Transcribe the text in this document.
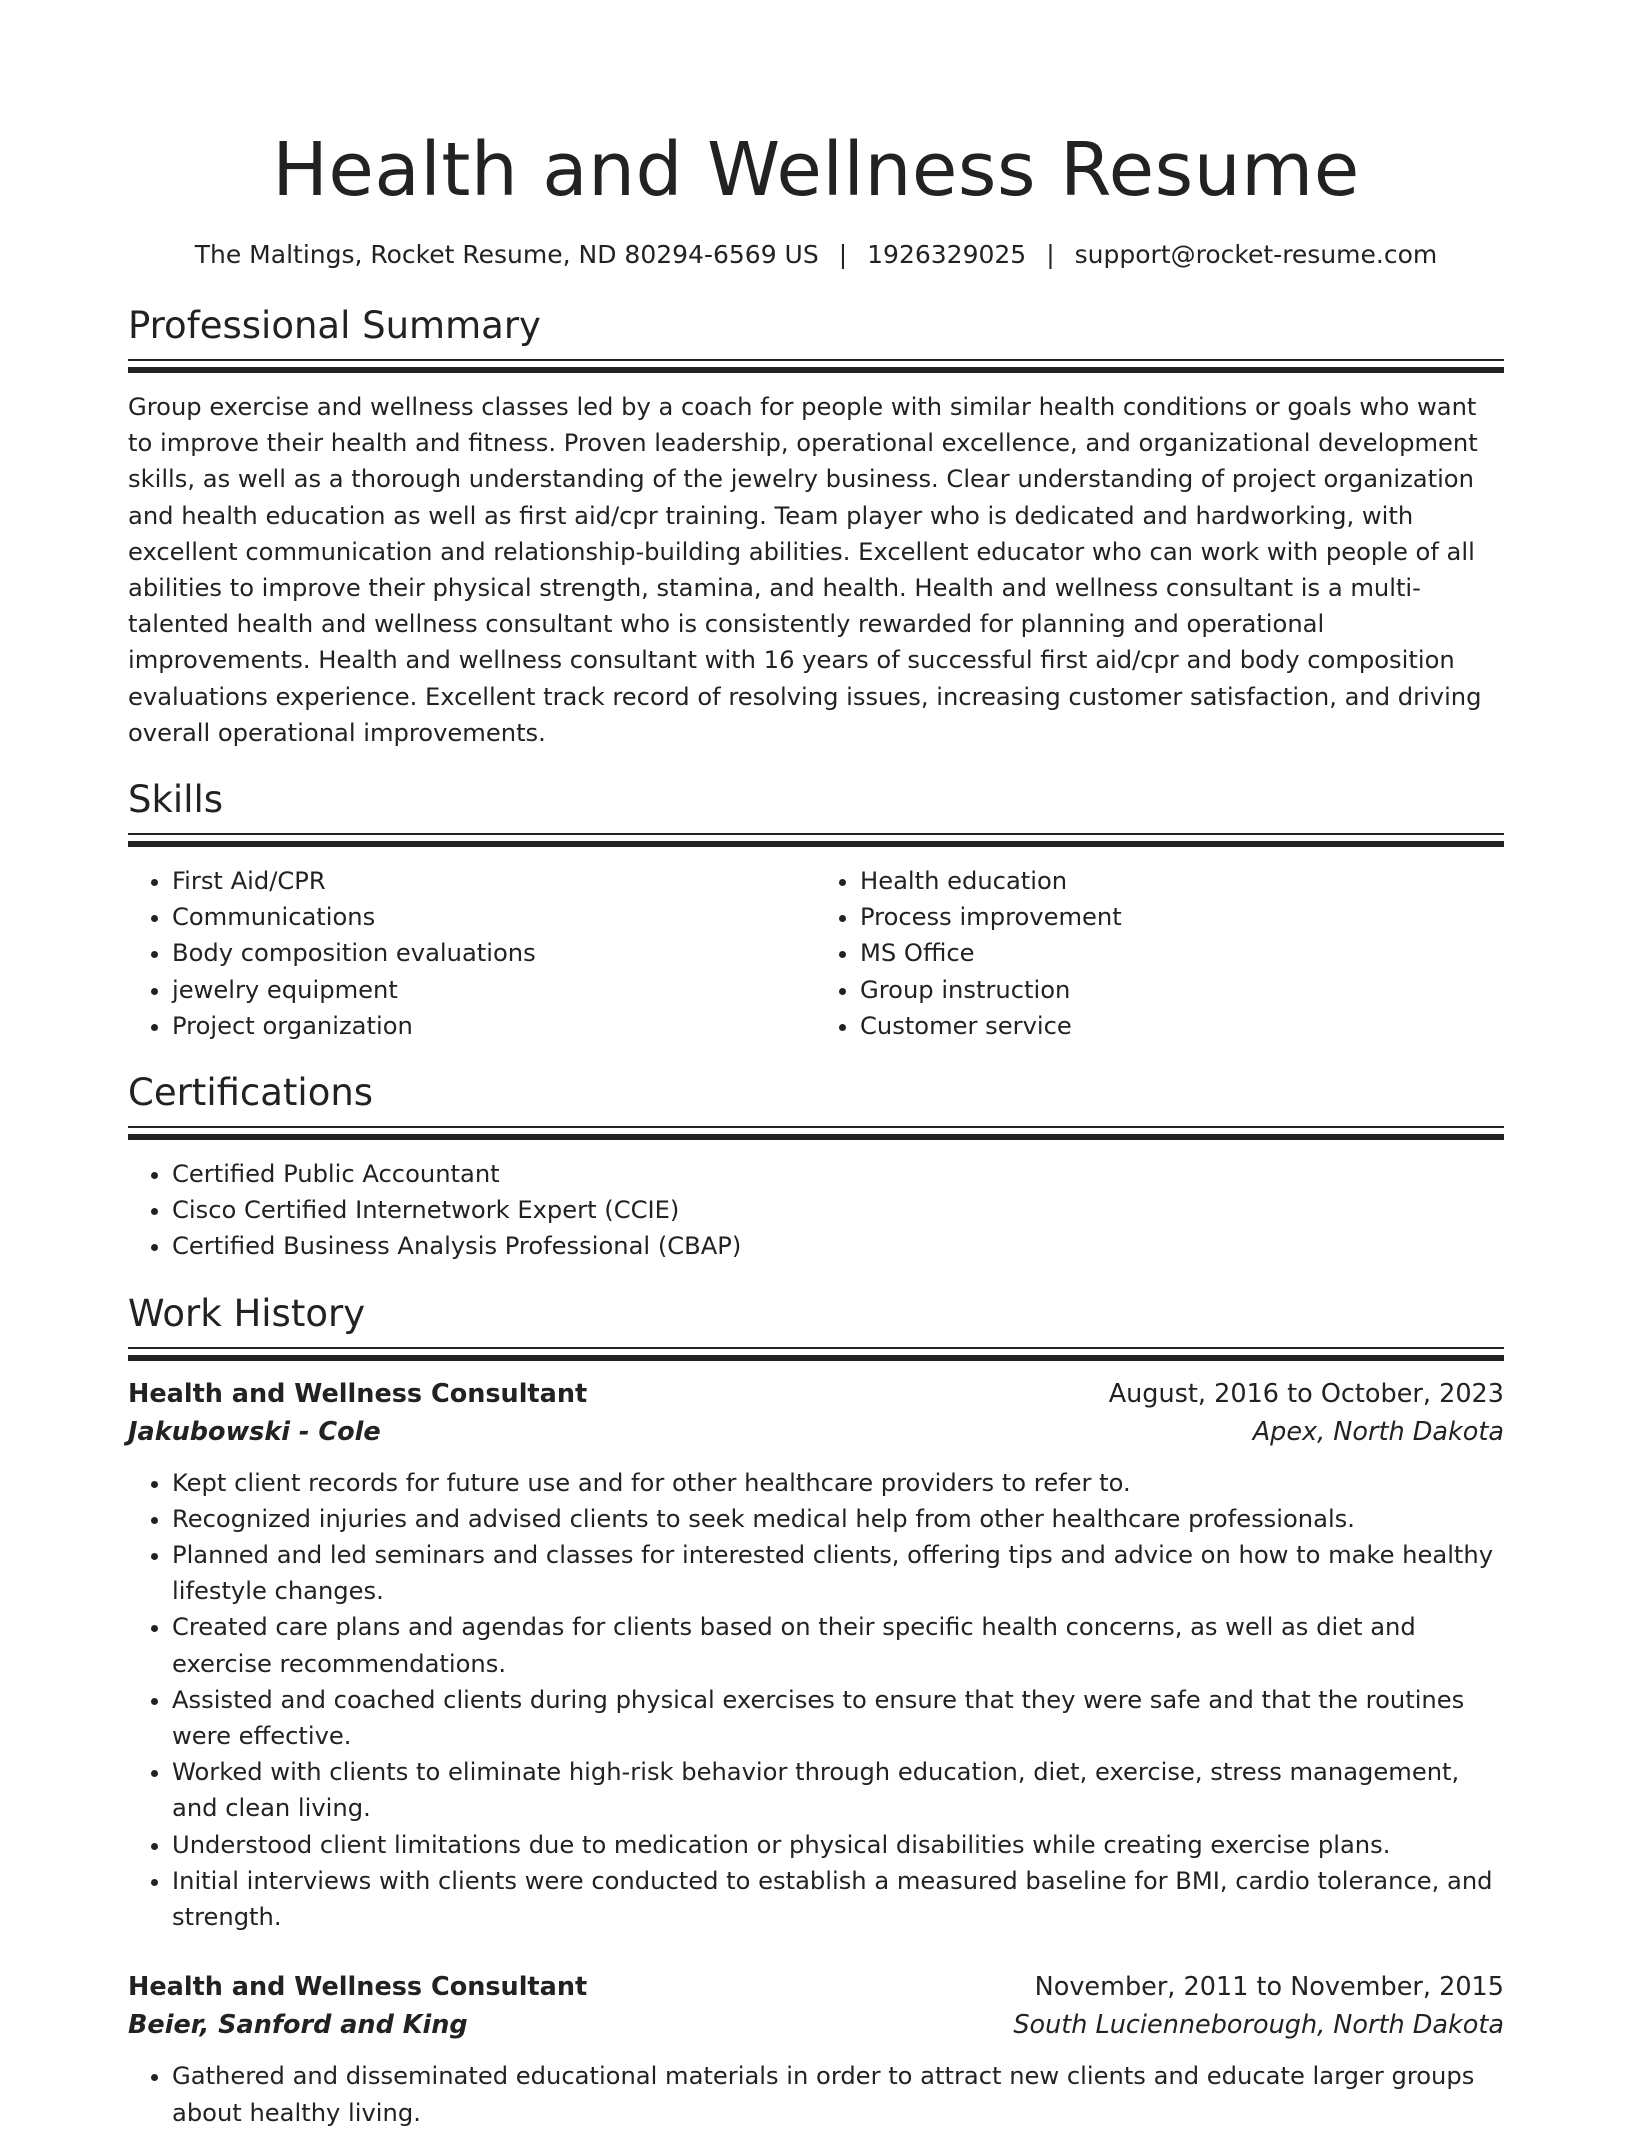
Health and Wellness Resume
The Maltings, Rocket Resume, ND 80294-6569 US | 1926329025 | support@rocket-resume.com
Professional Summary

Group exercise and wellness classes led by a coach for people with similar health conditions or goals who want to improve their health and fitness. Proven leadership, operational excellence, and organizational development skills, as well as a thorough understanding of the jewelry business. Clear understanding of project organization and health education as well as first aid/cpr training. Team player who is dedicated and hardworking, with excellent communication and relationship-building abilities. Excellent educator who can work with people of all abilities to improve their physical strength, stamina, and health. Health and wellness consultant is a multi-talented health and wellness consultant who is consistently rewarded for planning and operational improvements. Health and wellness consultant with 16 years of successful first aid/cpr and body composition evaluations experience. Excellent track record of resolving issues, increasing customer satisfaction, and driving overall operational improvements.

Skills
• First Aid/CPR
• Communications
• Body composition evaluations
• jewelry equipment
• Project organization
• Health education
• Process improvement
• MS Office
• Group instruction
• Customer service
Certifications
• Certified Public Accountant
• Cisco Certified Internetwork Expert (CCIE)
• Certified Business Analysis Professional (CBAP)
Work History
Health and Wellness Consultant	August, 2016 to October, 2023
Jakubowski - Cole	Apex, North Dakota
• Kept client records for future use and for other healthcare providers to refer to.
• Recognized injuries and advised clients to seek medical help from other healthcare professionals.
• Planned and led seminars and classes for interested clients, offering tips and advice on how to make healthy lifestyle changes.
• Created care plans and agendas for clients based on their specific health concerns, as well as diet and exercise recommendations.
• Assisted and coached clients during physical exercises to ensure that they were safe and that the routines were effective.
• Worked with clients to eliminate high-risk behavior through education, diet, exercise, stress management, and clean living.
• Understood client limitations due to medication or physical disabilities while creating exercise plans.
• Initial interviews with clients were conducted to establish a measured baseline for BMI, cardio tolerance, and strength.
Health and Wellness Consultant	November, 2011 to November, 2015
Beier, Sanford and King	South Lucienneborough, North Dakota
• Gathered and disseminated educational materials in order to attract new clients and educate larger groups about healthy living.
